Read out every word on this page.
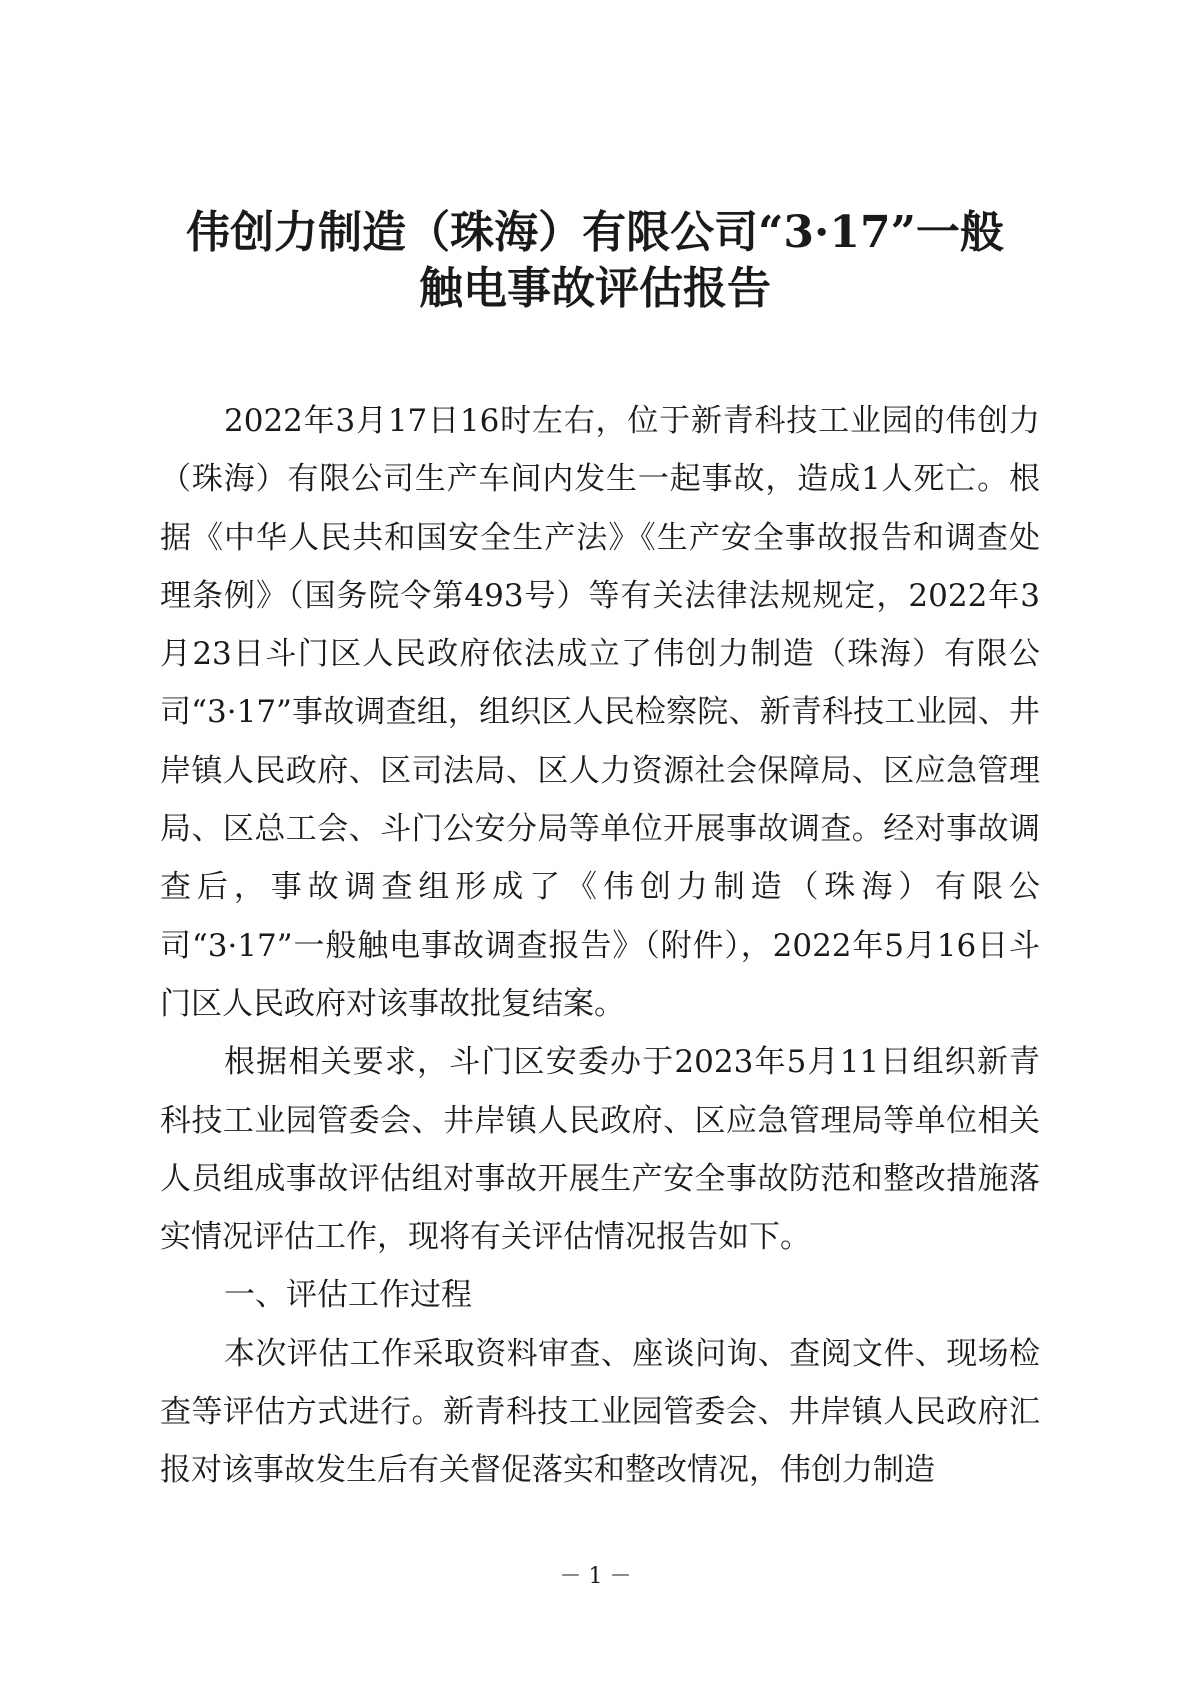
伟创力制造（珠海）有限公司“3·17”一般
触电事故评估报告

2022年3月17日16时左右，位于新青科技工业园的伟创力（珠海）有限公司生产车间内发生一起事故，造成1人死亡。根据《中华人民共和国安全生产法》《生产安全事故报告和调查处理条例》（国务院令第493号）等有关法律法规规定，2022年3月23日斗门区人民政府依法成立了伟创力制造（珠海）有限公司“3·17”事故调查组，组织区人民检察院、新青科技工业园、井岸镇人民政府、区司法局、区人力资源社会保障局、区应急管理局、区总工会、斗门公安分局等单位开展事故调查。经对事故调查后，事故调查组形成了《伟创力制造（珠海）有限公司“3·17”一般触电事故调查报告》（附件），2022年5月16日斗门区人民政府对该事故批复结案。

根据相关要求，斗门区安委办于2023年5月11日组织新青科技工业园管委会、井岸镇人民政府、区应急管理局等单位相关人员组成事故评估组对事故开展生产安全事故防范和整改措施落实情况评估工作，现将有关评估情况报告如下。

一、评估工作过程

本次评估工作采取资料审查、座谈问询、查阅文件、现场检查等评估方式进行。新青科技工业园管委会、井岸镇人民政府汇报对该事故发生后有关督促落实和整改情况，伟创力制造

－ 1 －
